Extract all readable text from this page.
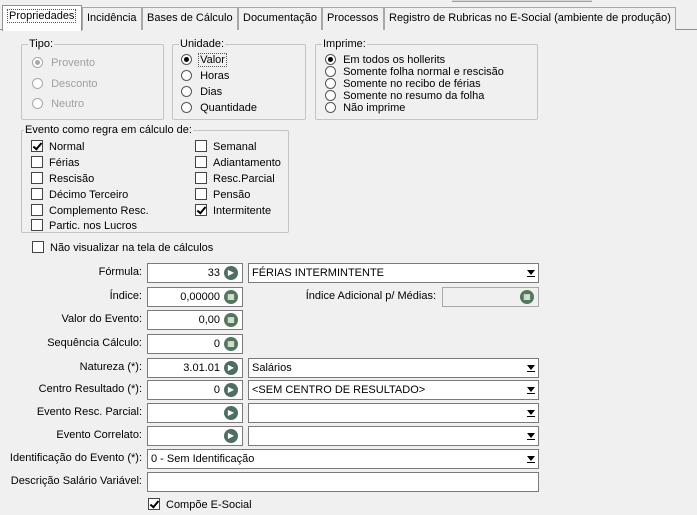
Propriedades	Incidência Bases de Cálculo Documentação Processos Registro de Rubricas no E-Social (ambiente de produção)
Tipo:
Provento
Desconto
Neutro
Unidade:
Valor
Horas
Dias
Quantidade
Imprime:
Em todos os hollerits
Somente folha normal e rescisão
Somente no recibo de férias
Somente no resumo da folha
Não imprime
Evento como regra em cálculo de:
Normal
Férias
Rescisão
Décimo Terceiro
Complemento Resc.
Partic. nos Lucros
Semanal
Adiantamento
Resc.Parcial
Pensão
Intermitente
Não visualizar na tela de cálculos
Fórmula:	33 ▶	FÉRIAS INTERMINTENTE
Índice:	0,00000 ▦	Índice Adicional p/ Médias:	▦
Valor do Evento:	0,00 ▦
Sequência Cálculo:	0 ▦
Natureza (*):	3.01.01 ▶	Salários
Centro Resultado (*):	0 ▶	<SEM CENTRO DE RESULTADO>
Evento Resc. Parcial:	▶
Evento Correlato:	▶
Identificação do Evento (*): 0 - Sem Identificação
Descrição Salário Variável:
Compõe E-Social
